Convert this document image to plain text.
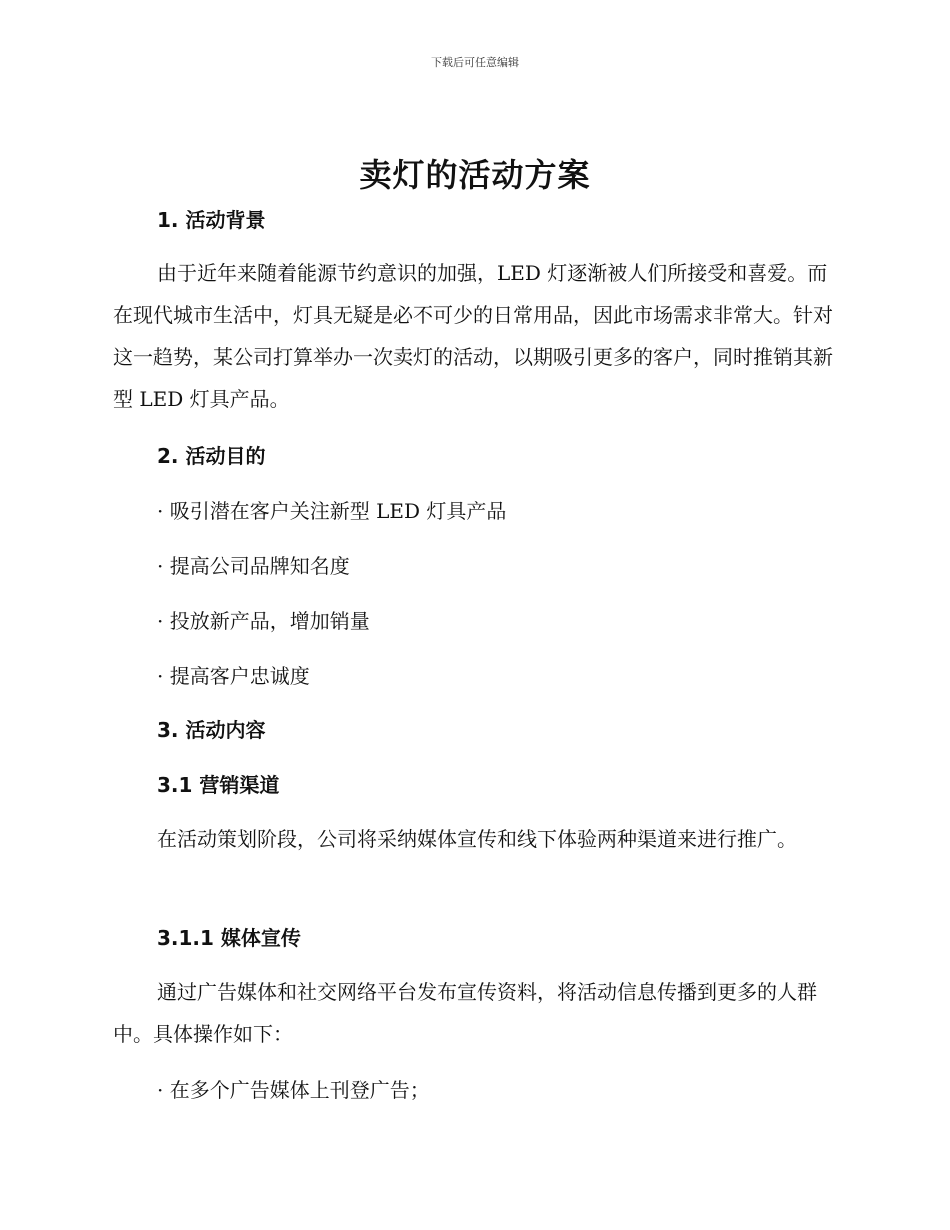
下载后可任意编辑
卖灯的活动方案
1. 活动背景

由于近年来随着能源节约意识的加强，LED 灯逐渐被人们所接受和喜爱。而在现代城市生活中，灯具无疑是必不可少的日常用品，因此市场需求非常大。针对这一趋势，某公司打算举办一次卖灯的活动，以期吸引更多的客户，同时推销其新型 LED 灯具产品。

2. 活动目的
· 吸引潜在客户关注新型 LED 灯具产品
· 提高公司品牌知名度
· 投放新产品，增加销量
· 提高客户忠诚度
3. 活动内容
3.1 营销渠道

在活动策划阶段，公司将采纳媒体宣传和线下体验两种渠道来进行推广。

3.1.1 媒体宣传

通过广告媒体和社交网络平台发布宣传资料，将活动信息传播到更多的人群中。具体操作如下：

· 在多个广告媒体上刊登广告；
